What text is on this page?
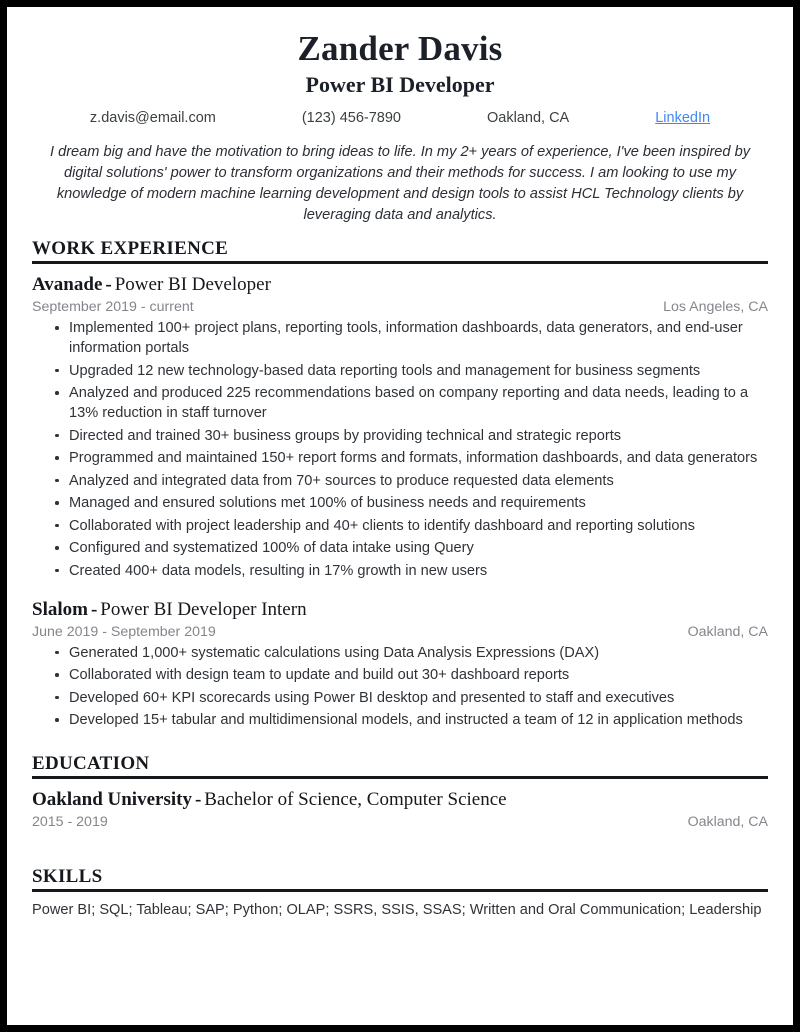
Zander Davis
Power BI Developer
z.davis@email.com	(123) 456-7890	Oakland, CA	LinkedIn
I dream big and have the motivation to bring ideas to life. In my 2+ years of experience, I've been inspired by digital solutions' power to transform organizations and their methods for success. I am looking to use my knowledge of modern machine learning development and design tools to assist HCL Technology clients by leveraging data and analytics.
WORK EXPERIENCE
Avanade - Power BI Developer
September 2019 - current	Los Angeles, CA
Implemented 100+ project plans, reporting tools, information dashboards, data generators, and end-user information portals
Upgraded 12 new technology-based data reporting tools and management for business segments
Analyzed and produced 225 recommendations based on company reporting and data needs, leading to a 13% reduction in staff turnover
Directed and trained 30+ business groups by providing technical and strategic reports
Programmed and maintained 150+ report forms and formats, information dashboards, and data generators
Analyzed and integrated data from 70+ sources to produce requested data elements
Managed and ensured solutions met 100% of business needs and requirements
Collaborated with project leadership and 40+ clients to identify dashboard and reporting solutions
Configured and systematized 100% of data intake using Query
Created 400+ data models, resulting in 17% growth in new users
Slalom - Power BI Developer Intern
June 2019 - September 2019	Oakland, CA
Generated 1,000+ systematic calculations using Data Analysis Expressions (DAX)
Collaborated with design team to update and build out 30+ dashboard reports
Developed 60+ KPI scorecards using Power BI desktop and presented to staff and executives
Developed 15+ tabular and multidimensional models, and instructed a team of 12 in application methods
EDUCATION
Oakland University - Bachelor of Science, Computer Science
2015 - 2019	Oakland, CA
SKILLS
Power BI; SQL; Tableau; SAP; Python; OLAP; SSRS, SSIS, SSAS; Written and Oral Communication; Leadership
